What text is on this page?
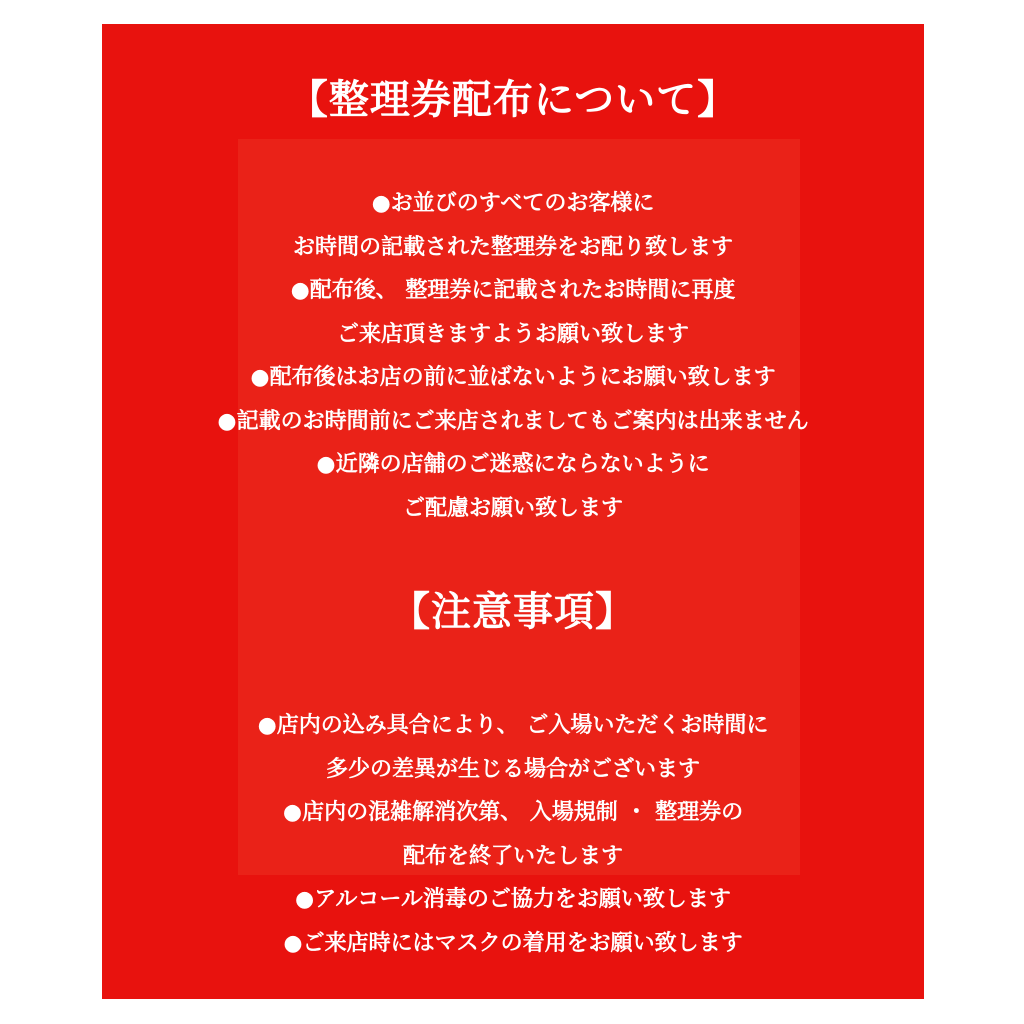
【整理券配布について】
●お並びのすべてのお客様に
お時間の記載された整理券をお配り致します
●配布後、 整理券に記載されたお時間に再度
ご来店頂きますようお願い致します
●配布後はお店の前に並ばないようにお願い致します
●記載のお時間前にご来店されましてもご案内は出来ません
●近隣の店舗のご迷惑にならないように
ご配慮お願い致します
【注意事項】
●店内の込み具合により、 ご入場いただくお時間に
多少の差異が生じる場合がございます
●店内の混雑解消次第、 入場規制 ・ 整理券の
配布を終了いたします
●アルコール消毒のご協力をお願い致します
●ご来店時にはマスクの着用をお願い致します
